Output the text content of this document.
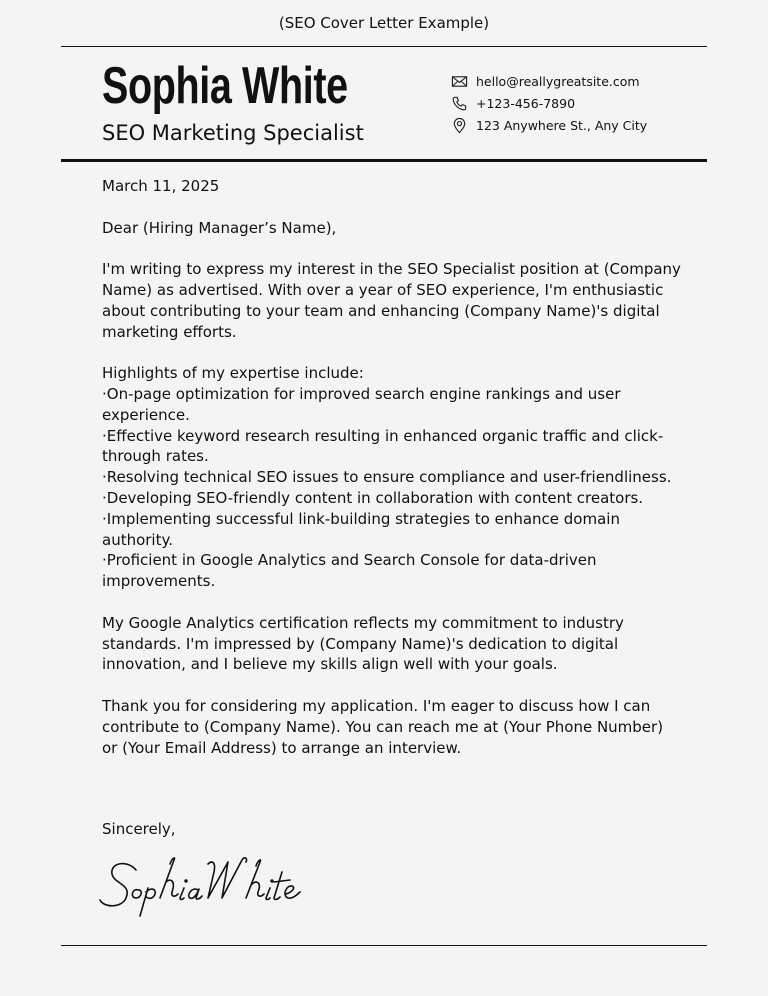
(SEO Cover Letter Example)
Sophia White
SEO Marketing Specialist
hello@reallygreatsite.com
+123-456-7890
123 Anywhere St., Any City

March 11, 2025

Dear (Hiring Manager’s Name),

I'm writing to express my interest in the SEO Specialist position at (Company Name) as advertised. With over a year of SEO experience, I'm enthusiastic about contributing to your team and enhancing (Company Name)'s digital marketing efforts.

Highlights of my expertise include:

· On-page optimization for improved search engine rankings and user experience.
· Effective keyword research resulting in enhanced organic traffic and click-through rates.
· Resolving technical SEO issues to ensure compliance and user-friendliness.
· Developing SEO-friendly content in collaboration with content creators.
· Implementing successful link-building strategies to enhance domain authority.
· Proficient in Google Analytics and Search Console for data-driven improvements.

My Google Analytics certification reflects my commitment to industry standards. I'm impressed by (Company Name)'s dedication to digital innovation, and I believe my skills align well with your goals.

Thank you for considering my application. I'm eager to discuss how I can contribute to (Company Name). You can reach me at (Your Phone Number) or (Your Email Address) to arrange an interview.

Sincerely,
